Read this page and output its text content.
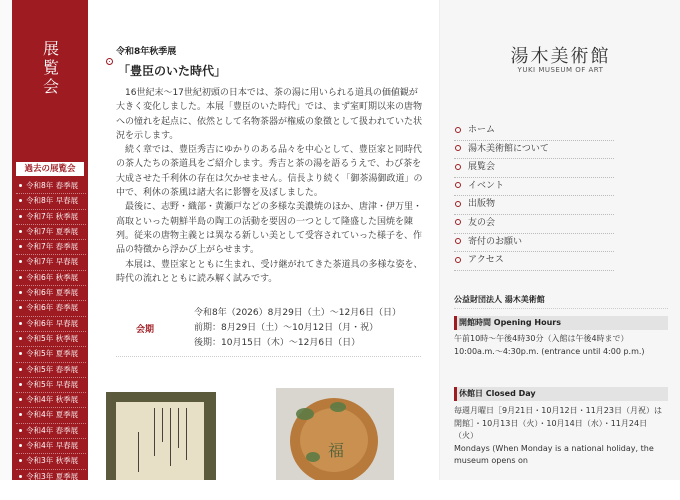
展覧会
過去の展覧会
令和8年 春季展
令和8年 早春展
令和7年 秋季展
令和7年 夏季展
令和7年 春季展
令和7年 早春展
令和6年 秋季展
令和6年 夏季展
令和6年 春季展
令和6年 早春展
令和5年 秋季展
令和5年 夏季展
令和5年 春季展
令和5年 早春展
令和4年 秋季展
令和4年 夏季展
令和4年 春季展
令和4年 早春展
令和3年 秋季展
令和3年 夏季展
令和3年 春季展
令和8年秋季展
「豊臣のいた時代」

16世紀末〜17世紀初頭の日本では、茶の湯に用いられる道具の価値観が大きく変化しました。本展「豊臣のいた時代」では、まず室町期以来の唐物への憧れを起点に、依然として名物茶器が権威の象徴として扱われていた状況を示します。

続く章では、豊臣秀吉にゆかりのある品々を中心として、豊臣家と同時代の茶人たちの茶道具をご紹介します。秀吉と茶の湯を語るうえで、わび茶を大成させた千利休の存在は欠かせません。信長より続く「御茶湯御政道」の中で、利休の茶風は諸大名に影響を及ぼしました。

最後に、志野・織部・黄瀬戸などの多様な美濃焼のほか、唐津・伊万里・高取といった朝鮮半島の陶工の活動を要因の一つとして隆盛した国焼を陳列。従来の唐物主義とは異なる新しい美として受容されていった様子を、作品の特徴から浮かび上がらせます。

本展は、豊臣家とともに生まれ、受け継がれてきた茶道具の多様な姿を、時代の流れとともに読み解く試みです。

会期
令和8年（2026）8月29日（土）〜12月6日（日）
前期：8月29日（土）〜10月12日（月・祝）
後期：10月15日（木）〜12月6日（日）
福
湯木美術館
YUKI MUSEUM OF ART
ホーム
湯木美術館について
展覧会
イベント
出版物
友の会
寄付のお願い
アクセス
公益財団法人 湯木美術館
開館時間 Opening Hours
午前10時〜午後4時30分（入館は午後4時まで）
10:00a.m.〜4:30p.m. (entrance until 4:00 p.m.)
休館日 Closed Day
毎週月曜日［9月21日・10月12日・11月23日（月祝）は開館］・10月13日（火）・10月14日（水）・11月24日（火）
Mondays (When Monday is a national holiday, the museum opens on
